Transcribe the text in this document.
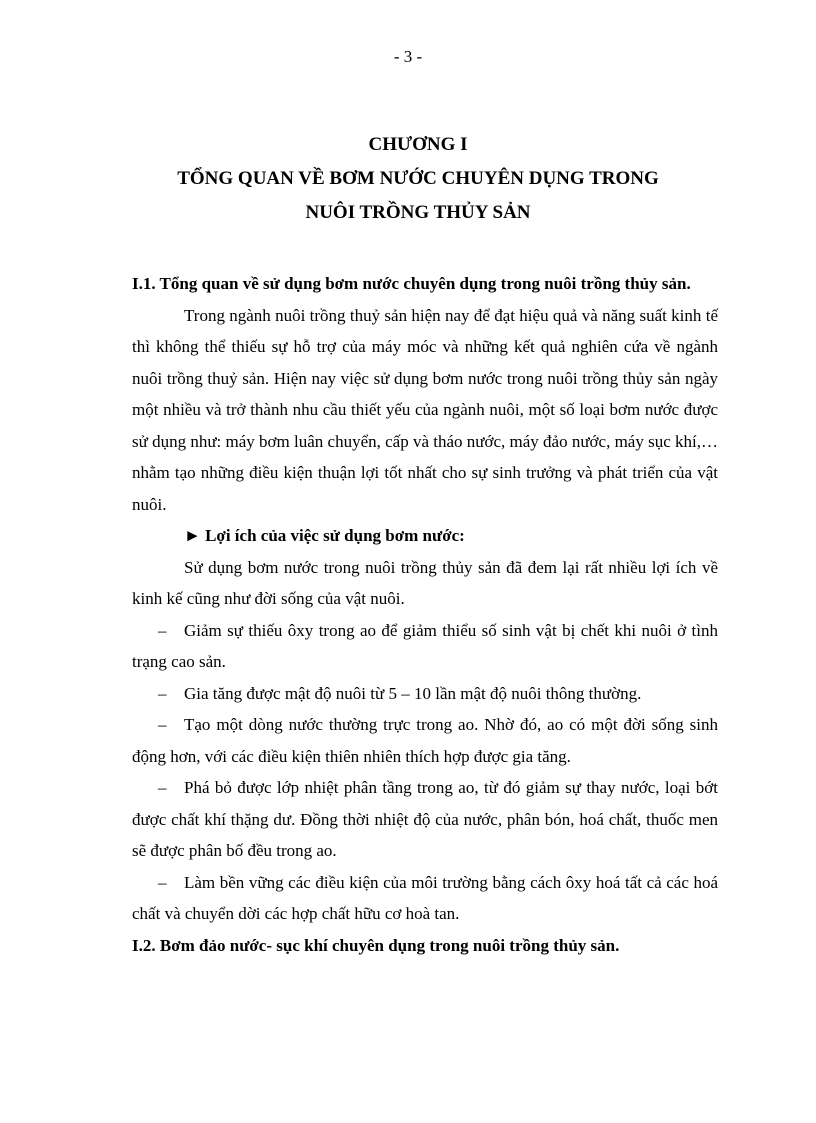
- 3 -
CHƯƠNG I
TỔNG QUAN VỀ BƠM NƯỚC CHUYÊN DỤNG TRONG
NUÔI TRỒNG THỦY SẢN

I.1. Tổng quan về sử dụng bơm nước chuyên dụng trong nuôi trồng thủy sản.

Trong ngành nuôi trồng thuỷ sản hiện nay để đạt hiệu quả và năng suất kinh tế thì không thể thiếu sự hỗ trợ của máy móc và những kết quả nghiên cứa về ngành nuôi trồng thuỷ sản. Hiện nay việc sử dụng bơm nước trong nuôi trồng thủy sản ngày một nhiều và trở thành nhu cầu thiết yếu của ngành nuôi, một số loại bơm nước được sử dụng như: máy bơm luân chuyển, cấp và tháo nước, máy đảo nước, máy sục khí,… nhằm tạo những điều kiện thuận lợi tốt nhất cho sự sinh trưởng và phát triển của vật nuôi.

► Lợi ích của việc sử dụng bơm nước:

Sử dụng bơm nước trong nuôi trồng thủy sản đã đem lại rất nhiều lợi ích về kinh kế cũng như đời sống của vật nuôi.

– Giảm sự thiếu ôxy trong ao để giảm thiểu số sinh vật bị chết khi nuôi ở tình trạng cao sản.

– Gia tăng được mật độ nuôi từ 5 – 10 lần mật độ nuôi thông thường.

– Tạo một dòng nước thường trực trong ao. Nhờ đó, ao có một đời sống sinh động hơn, với các điều kiện thiên nhiên thích hợp được gia tăng.

– Phá bỏ được lớp nhiệt phân tầng trong ao, từ đó giảm sự thay nước, loại bớt được chất khí thặng dư. Đồng thời nhiệt độ của nước, phân bón, hoá chất, thuốc men sẽ được phân bố đều trong ao.

– Làm bền vững các điều kiện của môi trường bằng cách ôxy hoá tất cả các hoá chất và chuyển dời các hợp chất hữu cơ hoà tan.

I.2. Bơm đảo nước- sục khí chuyên dụng trong nuôi trồng thủy sản.
